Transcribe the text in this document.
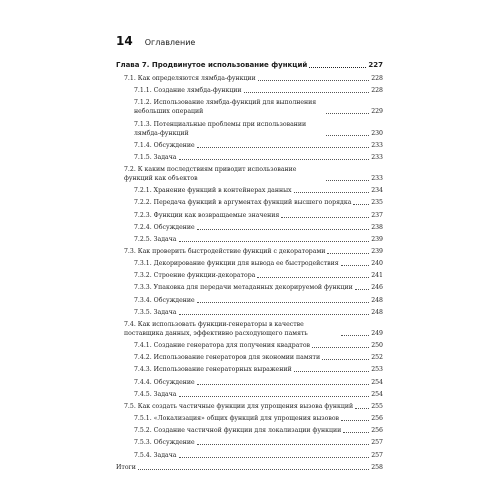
14 Оглавление
Глава 7. Продвинутое использование функций	227
7.1. Как определяются лямбда-функции	228
7.1.1. Создание лямбда-функции	228
7.1.2. Использование лямбда-функций для выполнения небольших операций	229
7.1.3. Потенциальные проблемы при использовании лямбда-функций	230
7.1.4. Обсуждение	233
7.1.5. Задача	233
7.2. К каким последствиям приводит использование функций как объектов	233
7.2.1. Хранение функций в контейнерах данных	234
7.2.2. Передача функций в аргументах функций высшего порядка	235
7.2.3. Функции как возвращаемые значения	237
7.2.4. Обсуждение	238
7.2.5. Задача	239
7.3. Как проверить быстродействие функций с декораторами	239
7.3.1. Декорирование функции для вывода ее быстродействия	240
7.3.2. Строение функции-декоратора	241
7.3.3. Упаковка для передачи метаданных декорируемой функции	246
7.3.4. Обсуждение	248
7.3.5. Задача	248
7.4. Как использовать функции-генераторы в качестве поставщика данных, эффективно расходующего память	249
7.4.1. Создание генератора для получения квадратов	250
7.4.2. Использование генераторов для экономии памяти	252
7.4.3. Использование генераторных выражений	253
7.4.4. Обсуждение	254
7.4.5. Задача	254
7.5. Как создать частичные функции для упрощения вызова функций	255
7.5.1. «Локализация» общих функций для упрощения вызовов	256
7.5.2. Создание частичной функции для локализации функции	256
7.5.3. Обсуждение	257
7.5.4. Задача	257
Итоги	258
